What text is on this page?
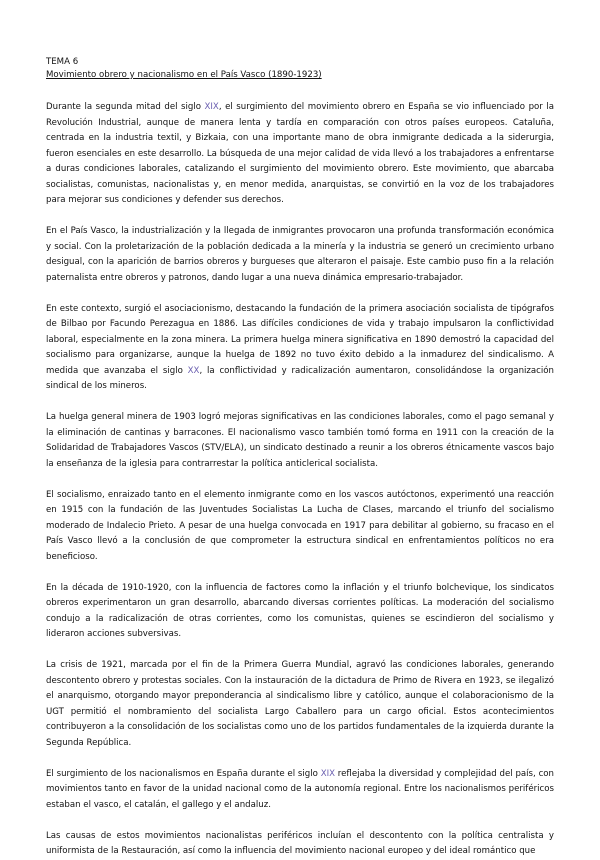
TEMA 6

Movimiento obrero y nacionalismo en el País Vasco (1890-1923)

Durante la segunda mitad del siglo XIX, el surgimiento del movimiento obrero en España se vio influenciado por la Revolución Industrial, aunque de manera lenta y tardía en comparación con otros países europeos. Cataluña, centrada en la industria textil, y Bizkaia, con una importante mano de obra inmigrante dedicada a la siderurgia, fueron esenciales en este desarrollo. La búsqueda de una mejor calidad de vida llevó a los trabajadores a enfrentarse a duras condiciones laborales, catalizando el surgimiento del movimiento obrero. Este movimiento, que abarcaba socialistas, comunistas, nacionalistas y, en menor medida, anarquistas, se convirtió en la voz de los trabajadores para mejorar sus condiciones y defender sus derechos.

En el País Vasco, la industrialización y la llegada de inmigrantes provocaron una profunda transformación económica y social. Con la proletarización de la población dedicada a la minería y la industria se generó un crecimiento urbano desigual, con la aparición de barrios obreros y burgueses que alteraron el paisaje. Este cambio puso fin a la relación paternalista entre obreros y patronos, dando lugar a una nueva dinámica empresario-trabajador.

En este contexto, surgió el asociacionismo, destacando la fundación de la primera asociación socialista de tipógrafos de Bilbao por Facundo Perezagua en 1886. Las difíciles condiciones de vida y trabajo impulsaron la conflictividad laboral, especialmente en la zona minera. La primera huelga minera significativa en 1890 demostró la capacidad del socialismo para organizarse, aunque la huelga de 1892 no tuvo éxito debido a la inmadurez del sindicalismo. A medida que avanzaba el siglo XX, la conflictividad y radicalización aumentaron, consolidándose la organización sindical de los mineros.

La huelga general minera de 1903 logró mejoras significativas en las condiciones laborales, como el pago semanal y la eliminación de cantinas y barracones. El nacionalismo vasco también tomó forma en 1911 con la creación de la Solidaridad de Trabajadores Vascos (STV/ELA), un sindicato destinado a reunir a los obreros étnicamente vascos bajo la enseñanza de la iglesia para contrarrestar la política anticlerical socialista.

El socialismo, enraizado tanto en el elemento inmigrante como en los vascos autóctonos, experimentó una reacción en 1915 con la fundación de las Juventudes Socialistas La Lucha de Clases, marcando el triunfo del socialismo moderado de Indalecio Prieto. A pesar de una huelga convocada en 1917 para debilitar al gobierno, su fracaso en el País Vasco llevó a la conclusión de que comprometer la estructura sindical en enfrentamientos políticos no era beneficioso.

En la década de 1910-1920, con la influencia de factores como la inflación y el triunfo bolchevique, los sindicatos obreros experimentaron un gran desarrollo, abarcando diversas corrientes políticas. La moderación del socialismo condujo a la radicalización de otras corrientes, como los comunistas, quienes se escindieron del socialismo y lideraron acciones subversivas.

La crisis de 1921, marcada por el fin de la Primera Guerra Mundial, agravó las condiciones laborales, generando descontento obrero y protestas sociales. Con la instauración de la dictadura de Primo de Rivera en 1923, se ilegalizó el anarquismo, otorgando mayor preponderancia al sindicalismo libre y católico, aunque el colaboracionismo de la UGT permitió el nombramiento del socialista Largo Caballero para un cargo oficial. Estos acontecimientos contribuyeron a la consolidación de los socialistas como uno de los partidos fundamentales de la izquierda durante la Segunda República.

El surgimiento de los nacionalismos en España durante el siglo XIX reflejaba la diversidad y complejidad del país, con movimientos tanto en favor de la unidad nacional como de la autonomía regional. Entre los nacionalismos periféricos estaban el vasco, el catalán, el gallego y el andaluz.

Las causas de estos movimientos nacionalistas periféricos incluían el descontento con la política centralista y uniformista de la Restauración, así como la influencia del movimiento nacional europeo y del ideal romántico que
